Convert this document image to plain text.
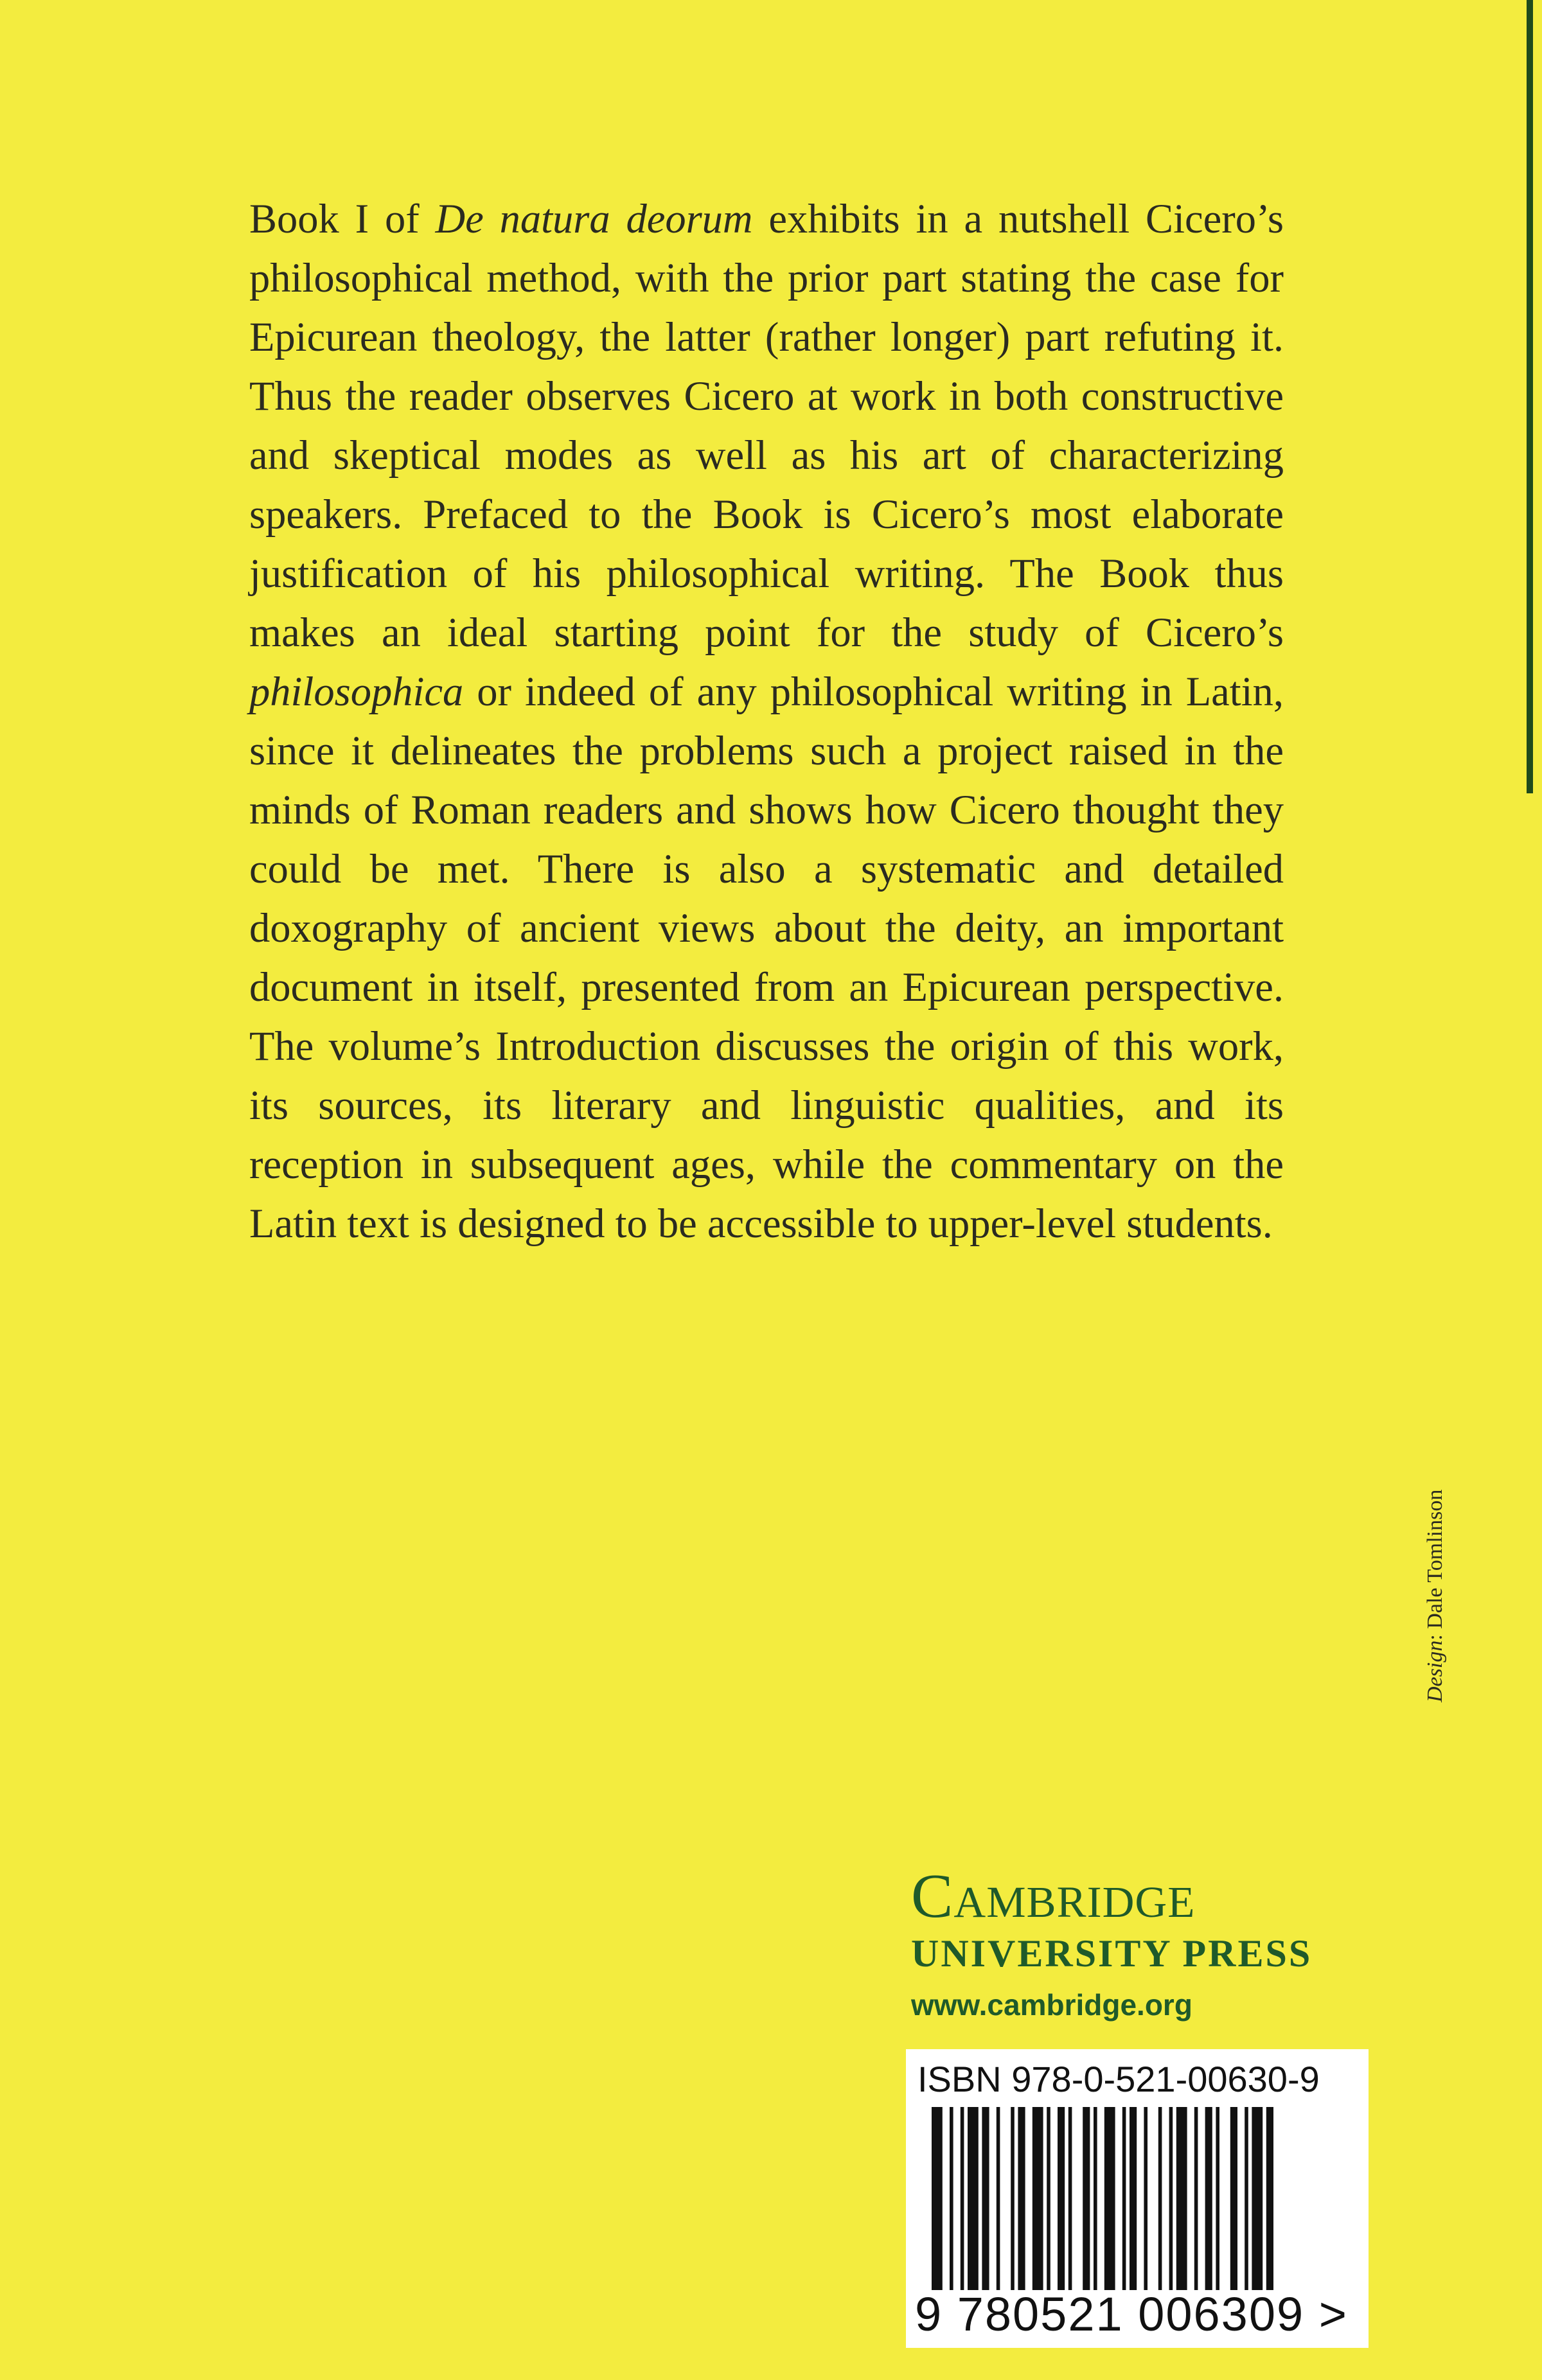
Book I of De natura deorum exhibits in a nutshell Cicero’s philosophical method, with the prior part stating the case for Epicurean theology, the latter (rather longer) part refuting it. Thus the reader observes Cicero at work in both constructive and skeptical modes as well as his art of characterizing speakers. Prefaced to the Book is Cicero’s most elaborate justification of his philosophical writing. The Book thus makes an ideal starting point for the study of Cicero’s philosophica or indeed of any philosophical writing in Latin, since it delineates the problems such a project raised in the minds of Roman readers and shows how Cicero thought they could be met. There is also a systematic and detailed doxography of ancient views about the deity, an important document in itself, presented from an Epicurean perspective. The volume’s Introduction discusses the origin of this work, its sources, its literary and linguistic qualities, and its reception in subsequent ages, while the commentary on the Latin text is designed to be accessible to upper-level students.

Design: Dale Tomlinson
Cambridge
UNIVERSITY PRESS
www.cambridge.org
ISBN 978-0-521-00630-9
9 780521 006309 >
